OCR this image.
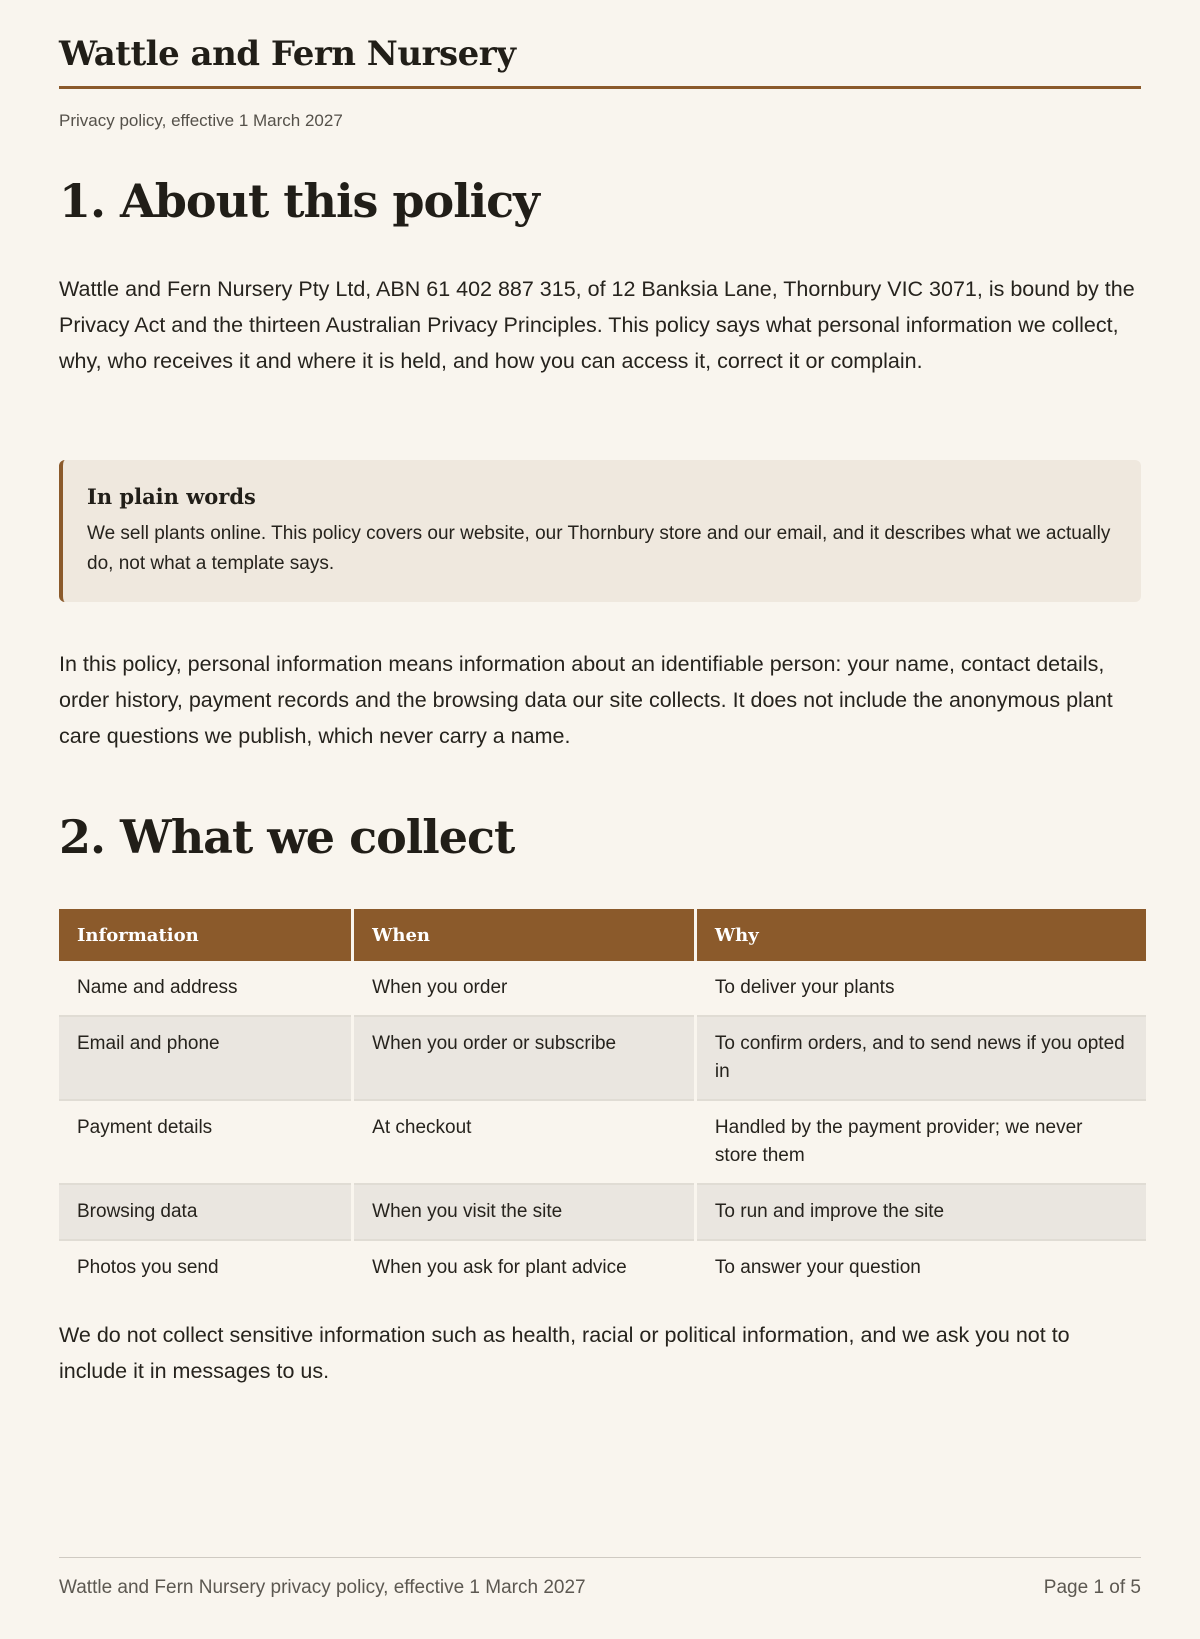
Wattle and Fern Nursery
Privacy policy, effective 1 March 2027
1. About this policy

Wattle and Fern Nursery Pty Ltd, ABN 61 402 887 315, of 12 Banksia Lane, Thornbury VIC 3071, is bound by the Privacy Act and the thirteen Australian Privacy Principles. This policy says what personal information we collect, why, who receives it and where it is held, and how you can access it, correct it or complain.

In plain words

We sell plants online. This policy covers our website, our Thornbury store and our email, and it describes what we actually do, not what a template says.

In this policy, personal information means information about an identifiable person: your name, contact details, order history, payment records and the browsing data our site collects. It does not include the anonymous plant care questions we publish, which never carry a name.

2. What we collect
Information	When	Why
Name and address	When you order	To deliver your plants
Email and phone	When you order or subscribe	To confirm orders, and to send news if you opted in
Payment details	At checkout	Handled by the payment provider; we never store them
Browsing data	When you visit the site	To run and improve the site
Photos you send	When you ask for plant advice	To answer your question

We do not collect sensitive information such as health, racial or political information, and we ask you not to include it in messages to us.

Wattle and Fern Nursery privacy policy, effective 1 March 2027	Page 1 of 5
